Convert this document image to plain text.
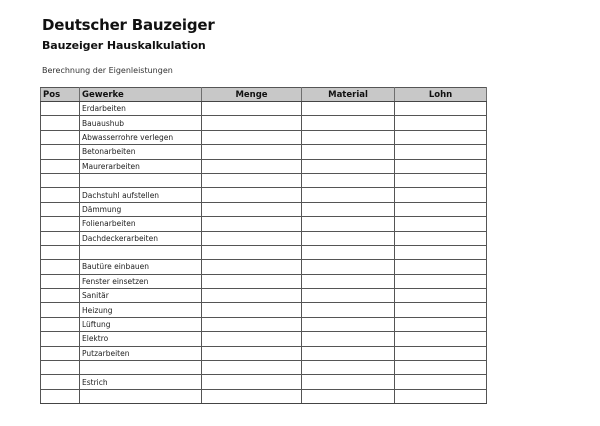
Deutscher Bauzeiger
Bauzeiger Hauskalkulation
Berechnung der Eigenleistungen
Pos	Gewerke	Menge	Material	Lohn
	Erdarbeiten			
	Bauaushub			
	Abwasserrohre verlegen			
	Betonarbeiten			
	Maurerarbeiten			

	Dachstuhl aufstellen			
	Dämmung			
	Folienarbeiten			
	Dachdeckerarbeiten			

	Bautüre einbauen			
	Fenster einsetzen			
	Sanitär			
	Heizung			
	Lüftung			
	Elektro			
	Putzarbeiten			

	Estrich			
